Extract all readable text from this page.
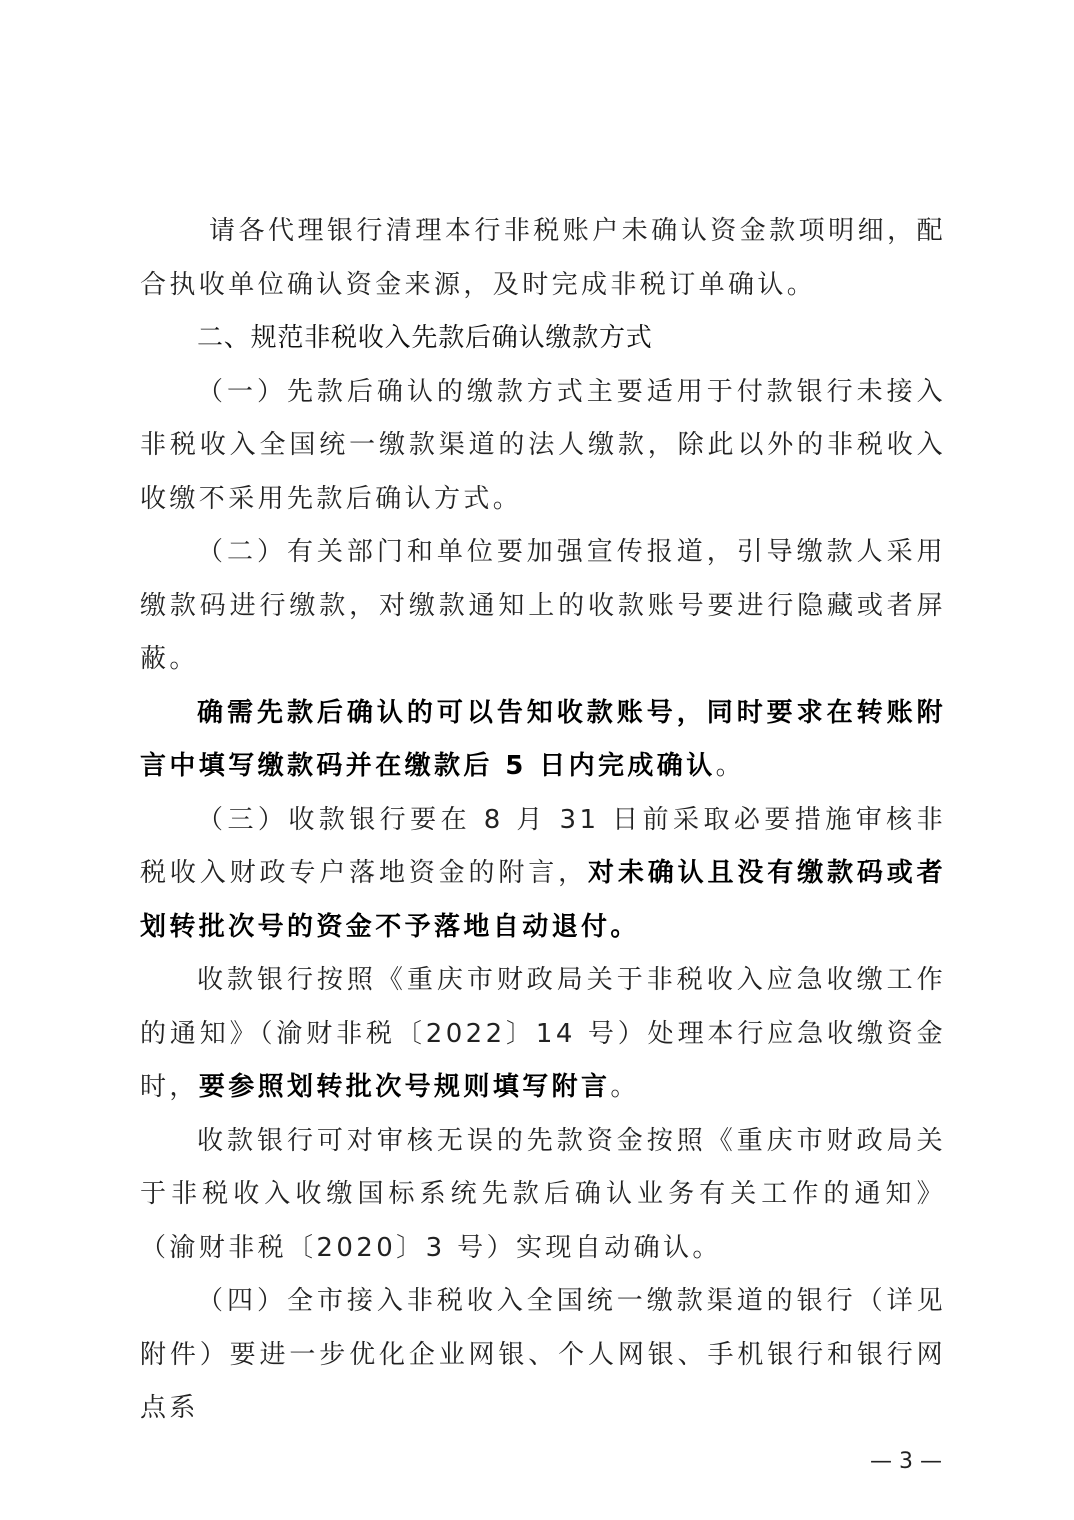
请各代理银行清理本行非税账户未确认资金款项明细，配合执收单位确认资金来源，及时完成非税订单确认。

二、规范非税收入先款后确认缴款方式

（一）先款后确认的缴款方式主要适用于付款银行未接入非税收入全国统一缴款渠道的法人缴款，除此以外的非税收入收缴不采用先款后确认方式。

（二）有关部门和单位要加强宣传报道，引导缴款人采用缴款码进行缴款，对缴款通知上的收款账号要进行隐藏或者屏蔽。

确需先款后确认的可以告知收款账号，同时要求在转账附言中填写缴款码并在缴款后 5 日内完成确认。

（三）收款银行要在 8 月 31 日前采取必要措施审核非税收入财政专户落地资金的附言，对未确认且没有缴款码或者划转批次号的资金不予落地自动退付。

收款银行按照《重庆市财政局关于非税收入应急收缴工作的通知》（渝财非税〔2022〕14 号）处理本行应急收缴资金时，要参照划转批次号规则填写附言。

收款银行可对审核无误的先款资金按照《重庆市财政局关于非税收入收缴国标系统先款后确认业务有关工作的通知》（渝财非税〔2020〕3 号）实现自动确认。

（四）全市接入非税收入全国统一缴款渠道的银行（详见附件）要进一步优化企业网银、个人网银、手机银行和银行网点系

— 3 —
